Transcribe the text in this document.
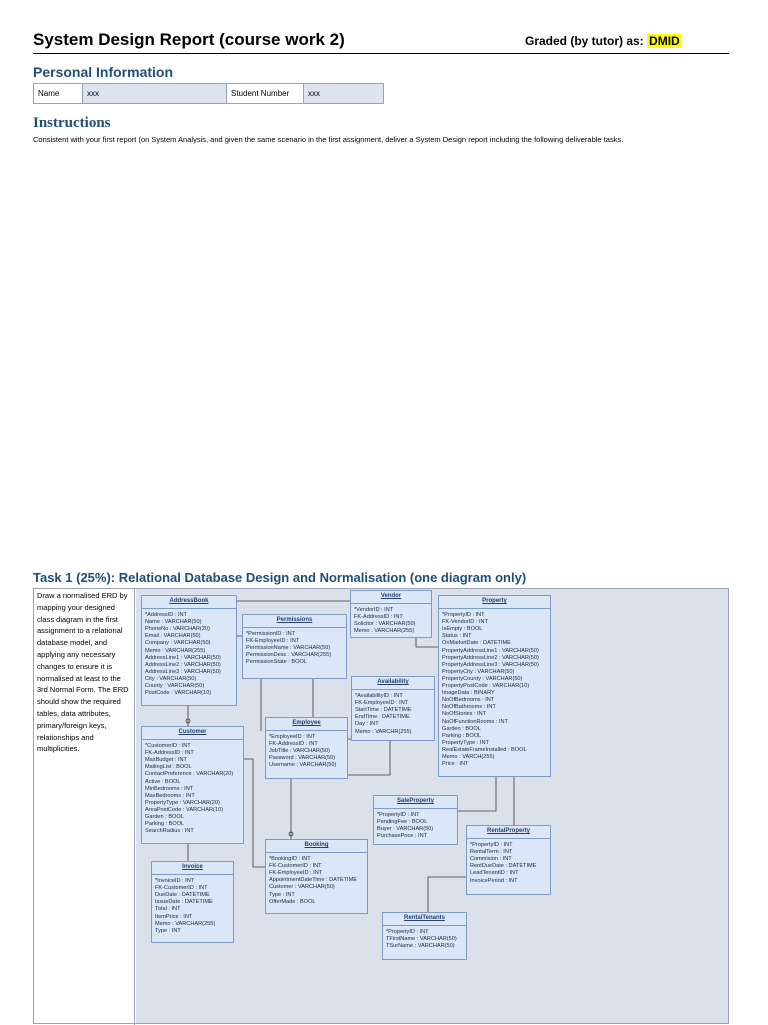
System Design Report (course work 2)	Graded (by tutor) as: DMID
Personal Information
Name	xxx	Student Number	xxx
Instructions
Consistent with your first report (on System Analysis, and given the same scenario in the first assignment, deliver a System Design report including the following deliverable tasks.
Task 1 (25%): Relational Database Design and Normalisation (one diagram only)
Draw a normalised ERD by mapping your designed class diagram in the first assignment to a relational database model, and applying any necessary changes to ensure it is normalised at least to the 3rd Normal Form. The ERD should show the required tables, data attributes, primary/foreign keys, relationships and multiplicities.
AddressBook
*AddressID : INT
Name : VARCHAR(50)
PhoneNo : VARCHAR(20)
Email : VARCHAR(50)
Company : VARCHAR(50)
Memo : VARCHAR(255)
AddressLine1 : VARCHAR(50)
AddressLine2 : VARCHAR(50)
AddressLine3 : VARCHAR(50)
City : VARCHAR(50)
County : VARCHAR(50)
PostCode : VARCHAR(10)
Permissions
*PermissionID : INT
FK-EmployeeID : INT
PermissionName : VARCHAR(50)
PermissionDesc : VARCHAR(255)
PermissionState : BOOL
Vendor
*VendorID : INT
FK-AddressID : INT
Solicitor : VARCHAR(50)
Memo : VARCHAR(255)
Property
*PropertyID : INT
FK-VendorID : INT
IsEmpty : BOOL
Status : INT
OnMarketDate : DATETIME
PropertyAddressLine1 : VARCHAR(50)
PropertyAddressLine2 : VARCHAR(50)
PropertyAddressLine3 : VARCHAR(50)
PropertyCity : VARCHAR(50)
PropertyCounty : VARCHAR(50)
PropertyPostCode : VARCHAR(10)
ImageData : BINARY
NoOfBedrooms : INT
NoOfBathrooms : INT
NoOfStories : INT
NoOfFunctionRooms : INT
Garden : BOOL
Parking : BOOL
PropertyType : INT
RealEstateFrameInstalled : BOOL
Memo : VARCH(255)
Price : INT
Availability
*AvailabilityID : INT
FK-EmployeeID : INT
StartTime : DATETIME
EndTime : DATETIME
Day : INT
Memo : VARCHR(255)
Customer
*CustomerID : INT
FK-AddressID : INT
MaxBudget : INT
MailingList : BOOL
ContactPreference : VARCHAR(20)
Active : BOOL
MinBedrooms : INT
MaxBedrooms : INT
PropertyType : VARCHAR(20)
AreaPostCode : VARCHAR(10)
Garden : BOOL
Parking : BOOL
SearchRadius : INT
Employee
*EmployeeID : INT
FK-AddressID : INT
JobTitle : VARCHAR(50)
Password : VARCHAR(50)
Username : VARCHAR(50)
SaleProperty
*PropertyID : INT
PendingFee : BOOL
Buyer : VARCHAR(50)
PurchasePrice : INT
RentalProperty
*PropertyID : INT
RentalTerm : INT
Commision : INT
RentDueDate : DATETIME
LeadTenantID : INT
InvoicePeriod : INT
Booking
*BookingID : INT
FK-CustomerID : INT
FK-EmployeeID : INT
AppointmentDateTime : DATETIME
Customer : VARCHAR(50)
Type : INT
OfferMade : BOOL
Invoice
*InvoiceID : INT
FK-CustomerID : INT
DueDate : DATETIME
IssueDate : DATETIME
Total : INT
ItemPrice : INT
Memo : VARCHAR(255)
Type : INT
RentalTenants
*PropertyID : INT
TFirstName : VARCHAR(50)
TSurName : VARCHAR(50)
